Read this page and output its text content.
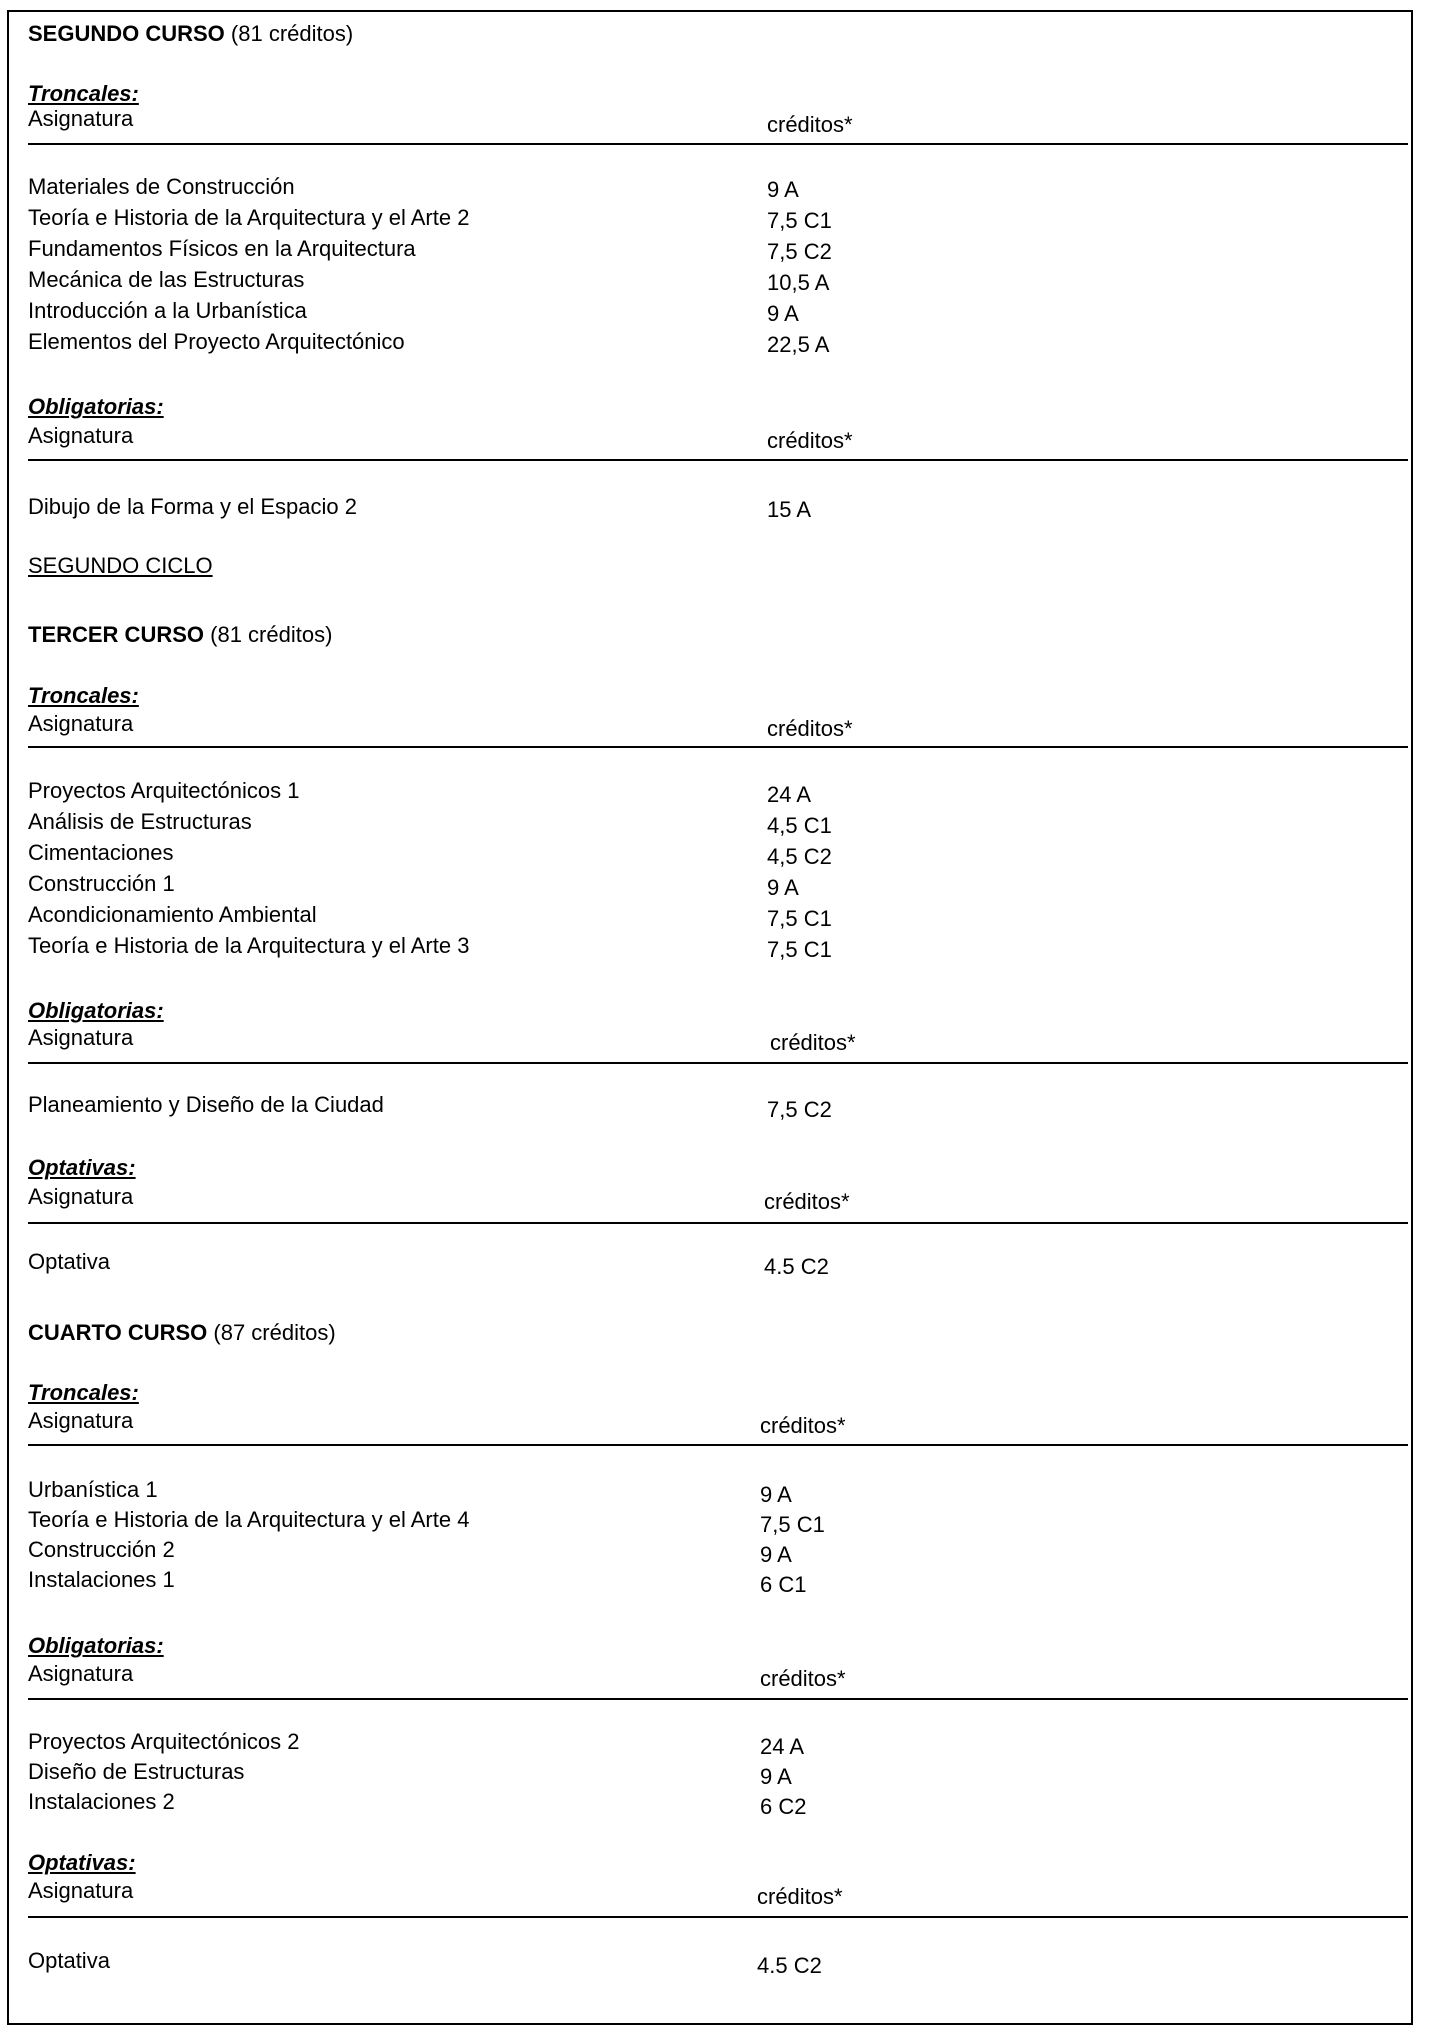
SEGUNDO CURSO (81 créditos)
Troncales:
Asignatura	créditos*
Materiales de Construcción	9 A
Teoría e Historia de la Arquitectura y el Arte 2	7,5 C1
Fundamentos Físicos en la Arquitectura	7,5 C2
Mecánica de las Estructuras	10,5 A
Introducción a la Urbanística	9 A
Elementos del Proyecto Arquitectónico	22,5 A
Obligatorias:
Asignatura	créditos*
Dibujo de la Forma y el Espacio 2	15 A
SEGUNDO CICLO
TERCER CURSO (81 créditos)
Troncales:
Asignatura	créditos*
Proyectos Arquitectónicos 1	24 A
Análisis de Estructuras	4,5 C1
Cimentaciones	4,5 C2
Construcción 1	9 A
Acondicionamiento Ambiental	7,5 C1
Teoría e Historia de la Arquitectura y el Arte 3	7,5 C1
Obligatorias:
Asignatura	créditos*
Planeamiento y Diseño de la Ciudad	7,5 C2
Optativas:
Asignatura	créditos*
Optativa	4.5 C2
CUARTO CURSO (87 créditos)
Troncales:
Asignatura	créditos*
Urbanística 1	9 A
Teoría e Historia de la Arquitectura y el Arte 4	7,5 C1
Construcción 2	9 A
Instalaciones 1	6 C1
Obligatorias:
Asignatura	créditos*
Proyectos Arquitectónicos 2	24 A
Diseño de Estructuras	9 A
Instalaciones 2	6 C2
Optativas:
Asignatura	créditos*
Optativa	4.5 C2
